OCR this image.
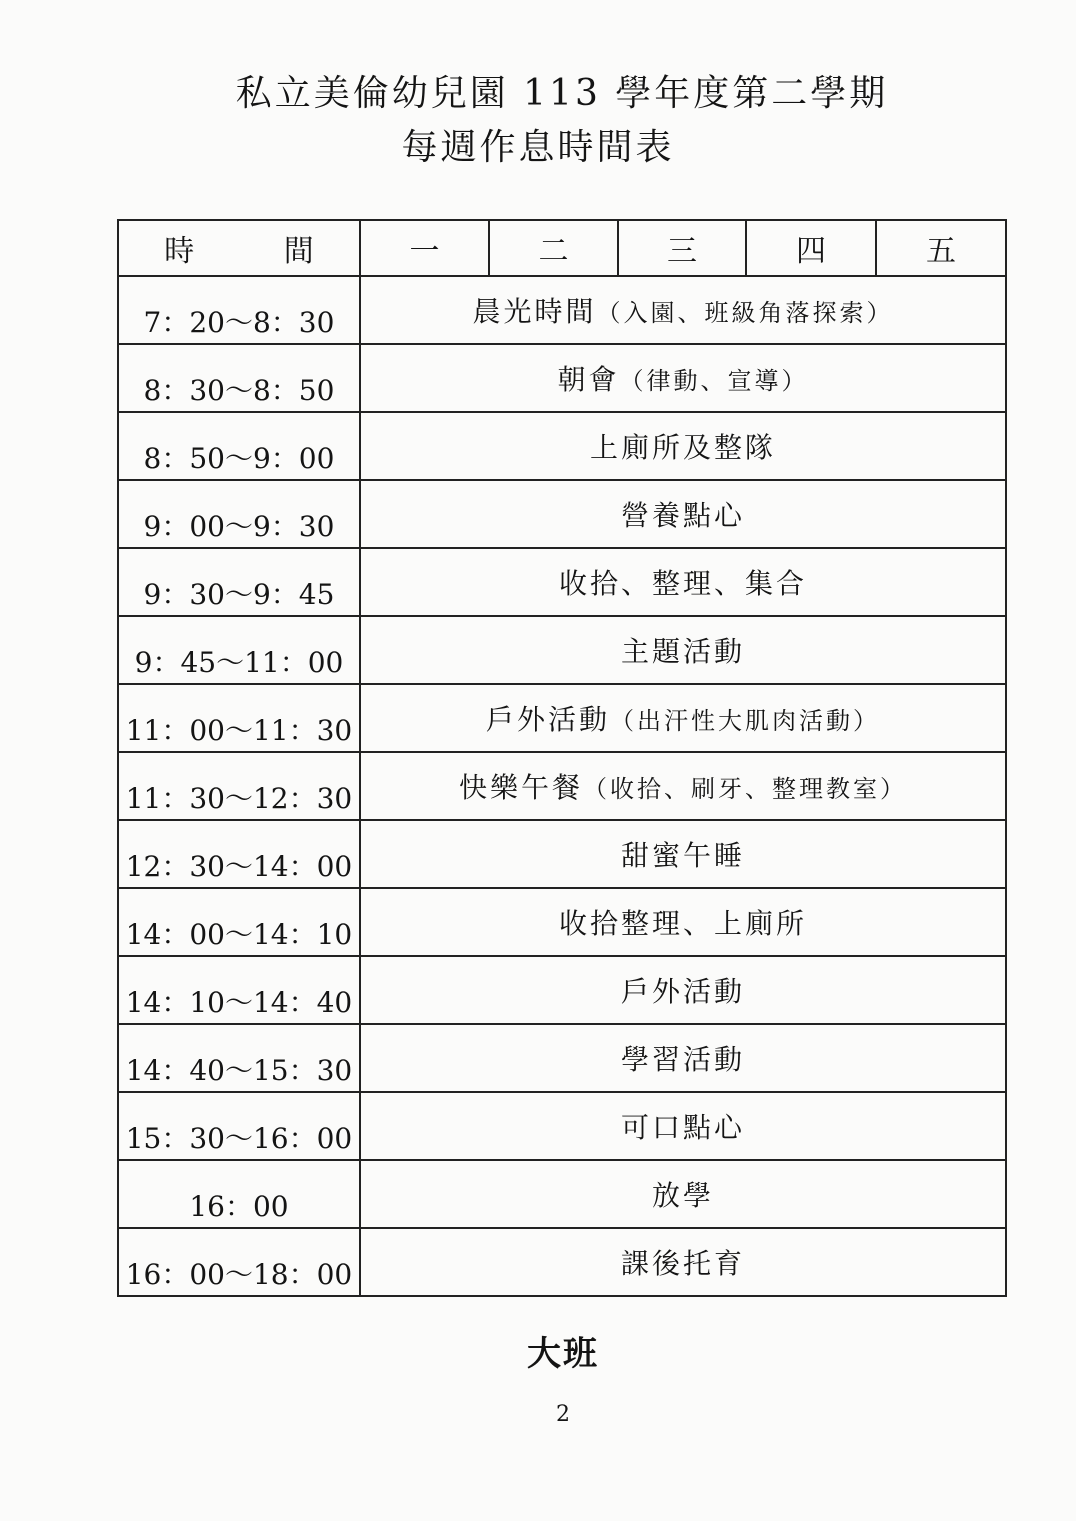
私立美倫幼兒園 113 學年度第二學期
每週作息時間表
時 間	一	二	三	四	五
7：20～8：30	晨光時間（入園、班級角落探索）				
8：30～8：50	朝會（律動、宣導）				
8：50～9：00	上廁所及整隊				
9：00～9：30	營養點心				
9：30～9：45	收拾、整理、集合				
9：45～11：00	主題活動				
11：00～11：30	戶外活動（出汗性大肌肉活動）				
11：30～12：30	快樂午餐（收拾、刷牙、整理教室）				
12：30～14：00	甜蜜午睡				
14：00～14：10	收拾整理、上廁所				
14：10～14：40	戶外活動				
14：40～15：30	學習活動				
15：30～16：00	可口點心				
16：00	放學				
16：00～18：00	課後托育				

大班

2
